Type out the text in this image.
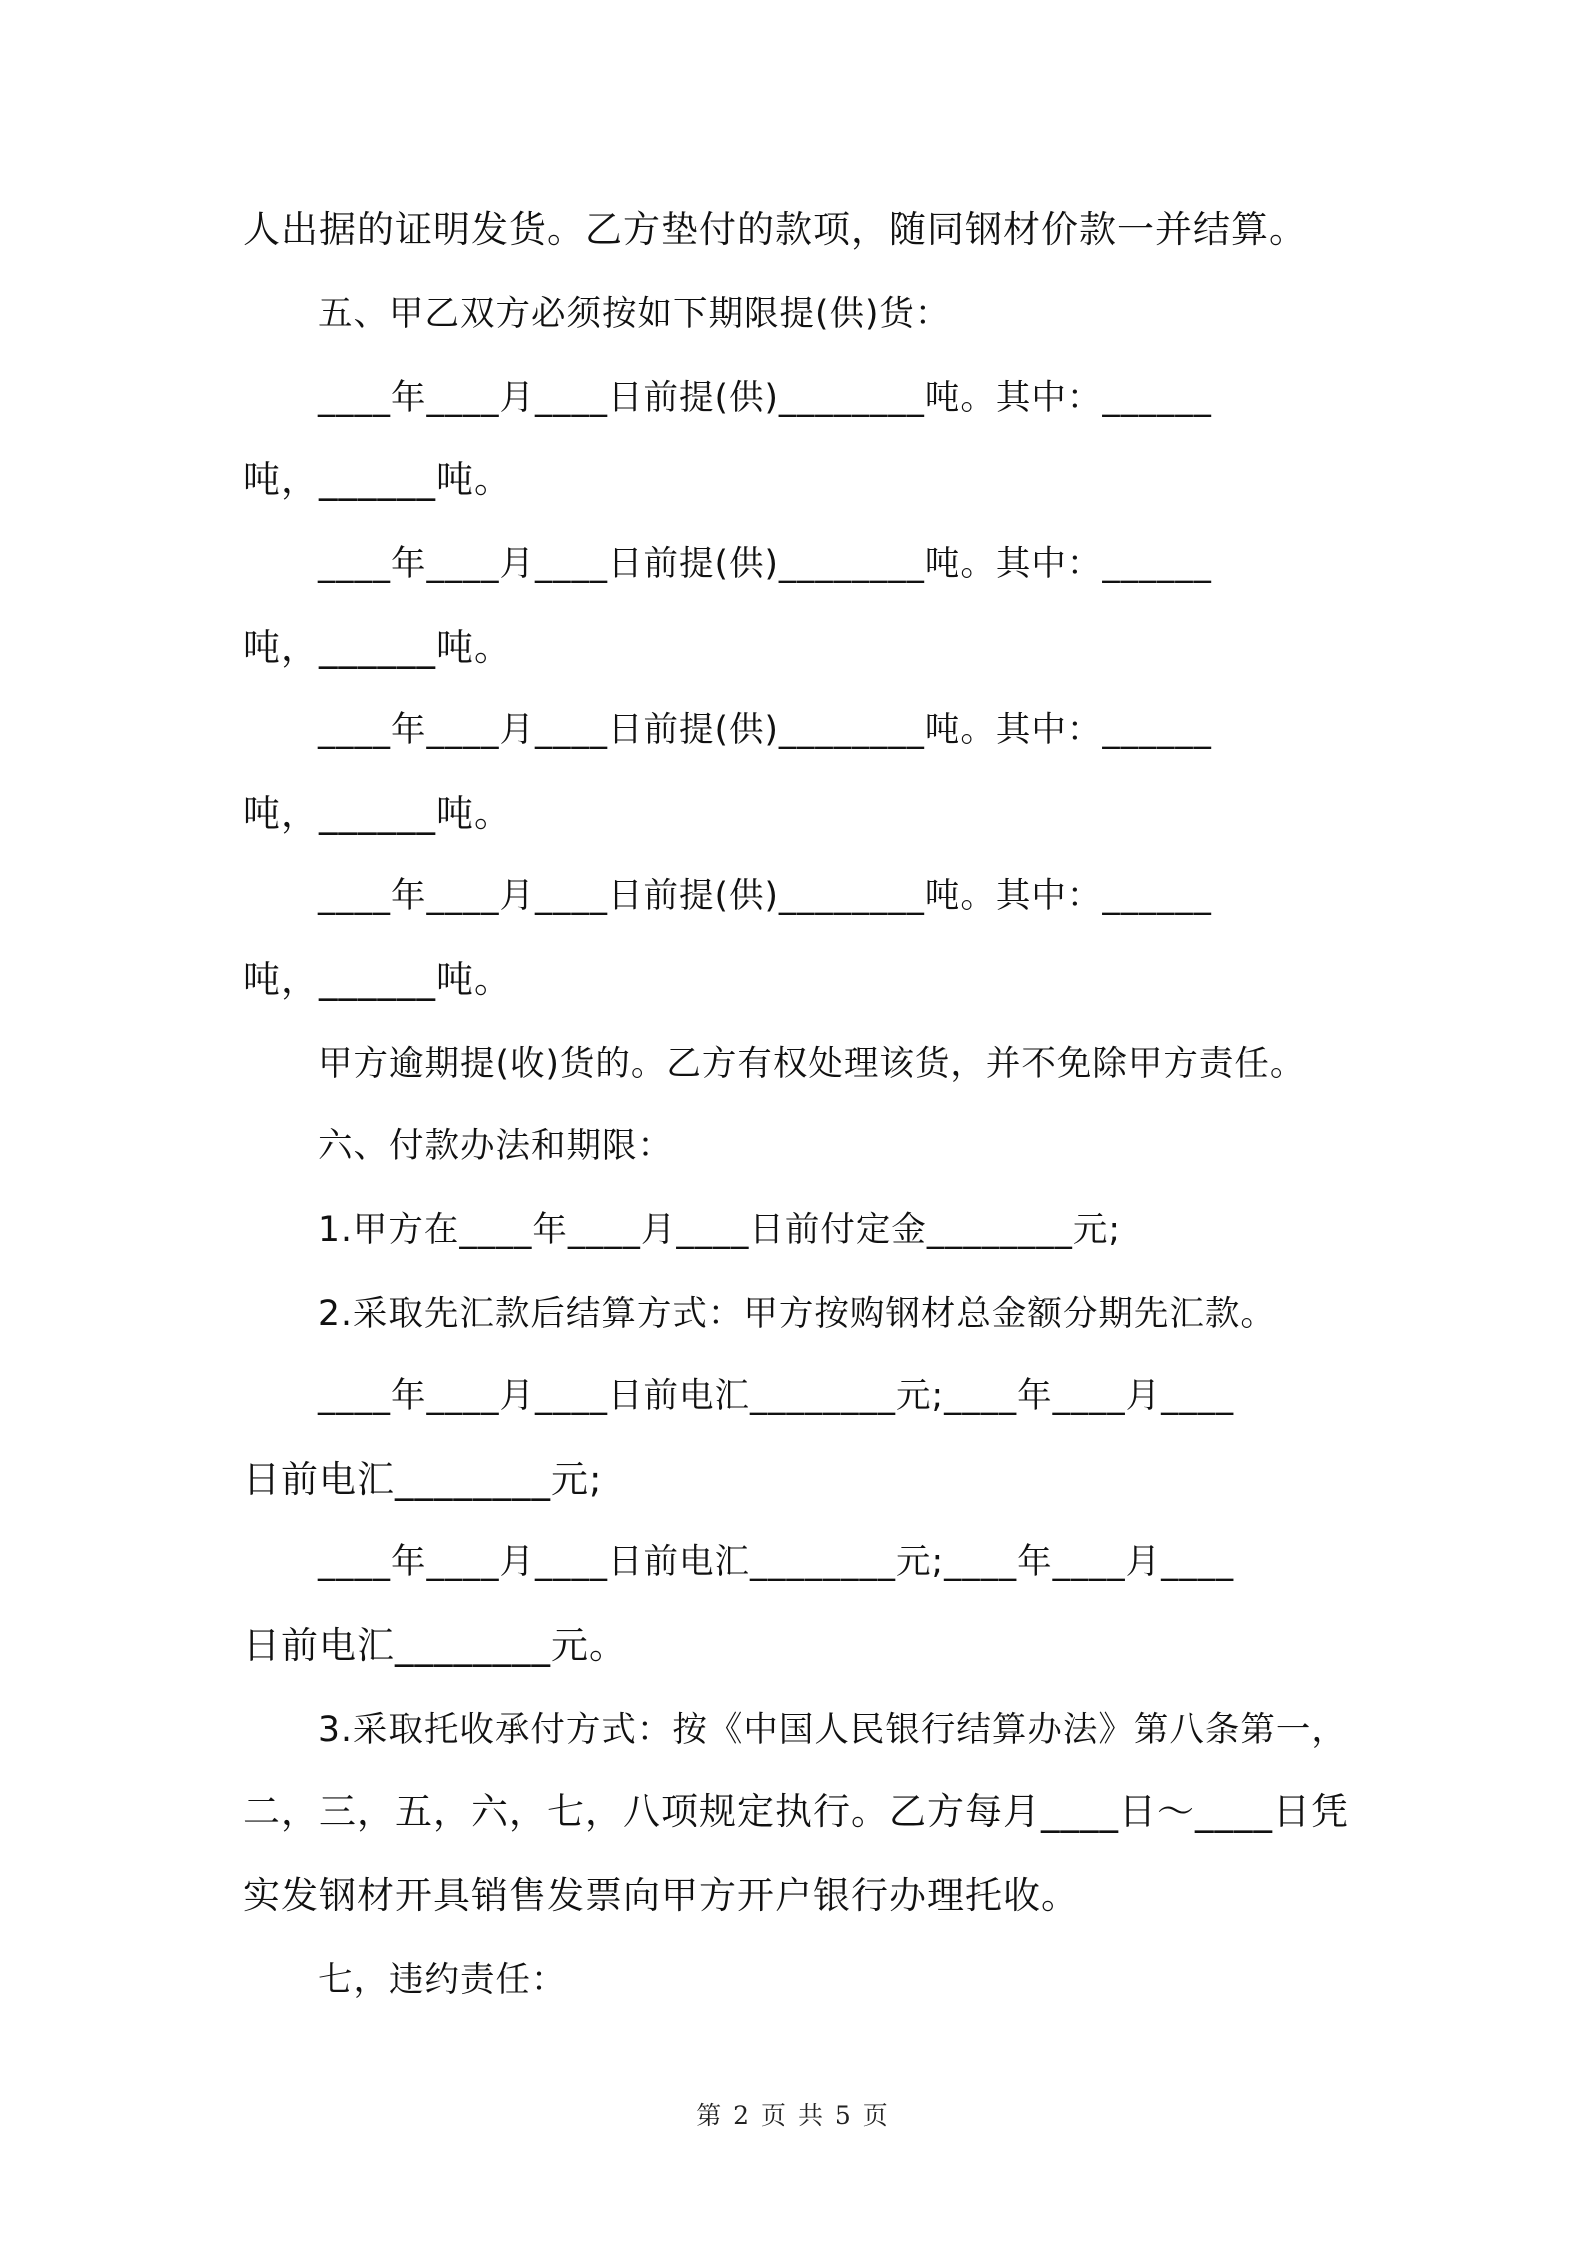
人出据的证明发货。乙方垫付的款项，随同钢材价款一并结算。
五、甲乙双方必须按如下期限提(供)货：
____年____月____日前提(供)________吨。其中：______
吨，______吨。
____年____月____日前提(供)________吨。其中：______
吨，______吨。
____年____月____日前提(供)________吨。其中：______
吨，______吨。
____年____月____日前提(供)________吨。其中：______
吨，______吨。
甲方逾期提(收)货的。乙方有权处理该货，并不免除甲方责任。
六、付款办法和期限：
1.甲方在____年____月____日前付定金________元;
2.采取先汇款后结算方式：甲方按购钢材总金额分期先汇款。
____年____月____日前电汇________元;____年____月____
日前电汇________元;
____年____月____日前电汇________元;____年____月____
日前电汇________元。
3.采取托收承付方式：按《中国人民银行结算办法》第八条第一，
二，三，五，六，七，八项规定执行。乙方每月____日～____日凭
实发钢材开具销售发票向甲方开户银行办理托收。
七，违约责任：
第 2 页 共 5 页
